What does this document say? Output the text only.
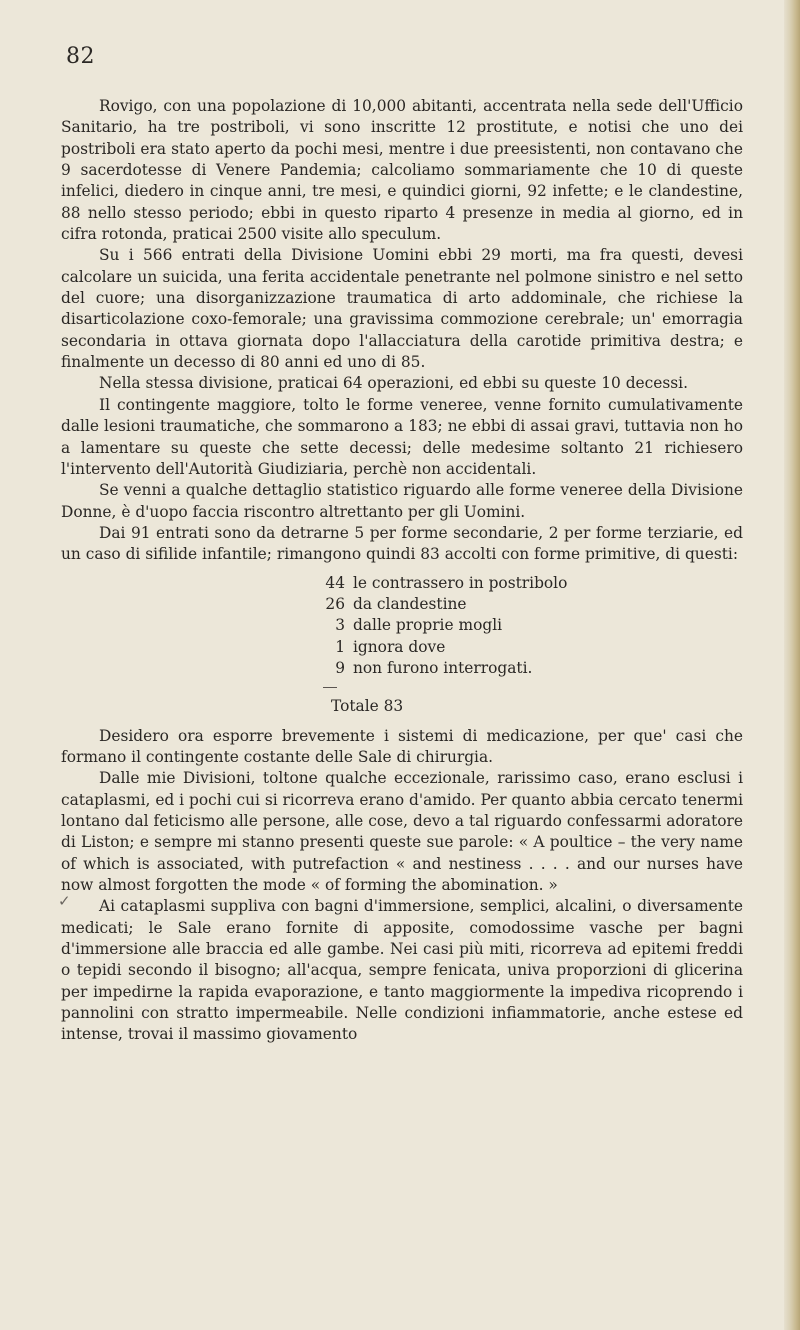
82

Rovigo, con una popolazione di 10,000 abitanti, accentrata nella sede dell'Ufficio Sanitario, ha tre postriboli, vi sono inscritte 12 prostitute, e notisi che uno dei postriboli era stato aperto da pochi mesi, mentre i due preesistenti, non contavano che 9 sacerdotesse di Venere Pandemia; calcoliamo sommariamente che 10 di queste infelici, diedero in cinque anni, tre mesi, e quindici giorni, 92 infette; e le clandestine, 88 nello stesso periodo; ebbi in questo riparto 4 presenze in media al giorno, ed in cifra rotonda, praticai 2500 visite allo speculum.

Su i 566 entrati della Divisione Uomini ebbi 29 morti, ma fra questi, devesi calcolare un suicida, una ferita accidentale penetrante nel polmone sinistro e nel setto del cuore; una disorganizzazione traumatica di arto addominale, che richiese la disarticolazione coxo-femorale; una gravissima commozione cerebrale; un' emorragia secondaria in ottava giornata dopo l'allacciatura della carotide primitiva destra; e finalmente un decesso di 80 anni ed uno di 85.

Nella stessa divisione, praticai 64 operazioni, ed ebbi su queste 10 decessi.

Il contingente maggiore, tolto le forme veneree, venne fornito cumulativamente dalle lesioni traumatiche, che sommarono a 183; ne ebbi di assai gravi, tuttavia non ho a lamentare su queste che sette decessi; delle medesime soltanto 21 richiesero l'intervento dell'Autorità Giudiziaria, perchè non accidentali.

Se venni a qualche dettaglio statistico riguardo alle forme veneree della Divisione Donne, è d'uopo faccia riscontro altrettanto per gli Uomini.

Dai 91 entrati sono da detrarne 5 per forme secondarie, 2 per forme terziarie, ed un caso di sifilide infantile; rimangono quindi 83 accolti con forme primitive, di questi:

44 le contrassero in postribolo
26 da clandestine
3 dalle proprie mogli
1 ignora dove
9 non furono interrogati.
Totale 83

Desidero ora esporre brevemente i sistemi di medicazione, per que' casi che formano il contingente costante delle Sale di chirurgia.

Dalle mie Divisioni, toltone qualche eccezionale, rarissimo caso, erano esclusi i cataplasmi, ed i pochi cui si ricorreva erano d'amido. Per quanto abbia cercato tenermi lontano dal feticismo alle persone, alle cose, devo a tal riguardo confessarmi adoratore di Liston; e sempre mi stanno presenti queste sue parole: « A poultice – the very name of which is associated, with putrefaction « and nestiness . . . . and our nurses have now almost forgotten the mode « of forming the abomination. »

Ai cataplasmi suppliva con bagni d'immersione, semplici, alcalini, o diversamente medicati; le Sale erano fornite di apposite, comodossime vasche per bagni d'immersione alle braccia ed alle gambe. Nei casi più miti, ricorreva ad epitemi freddi o tepidi secondo il bisogno; all'acqua, sempre fenicata, univa proporzioni di glicerina per impedirne la rapida evaporazione, e tanto maggiormente la impediva ricoprendo i pannolini con stratto impermeabile. Nelle condizioni infiammatorie, anche estese ed intense, trovai il massimo giovamento

✓
